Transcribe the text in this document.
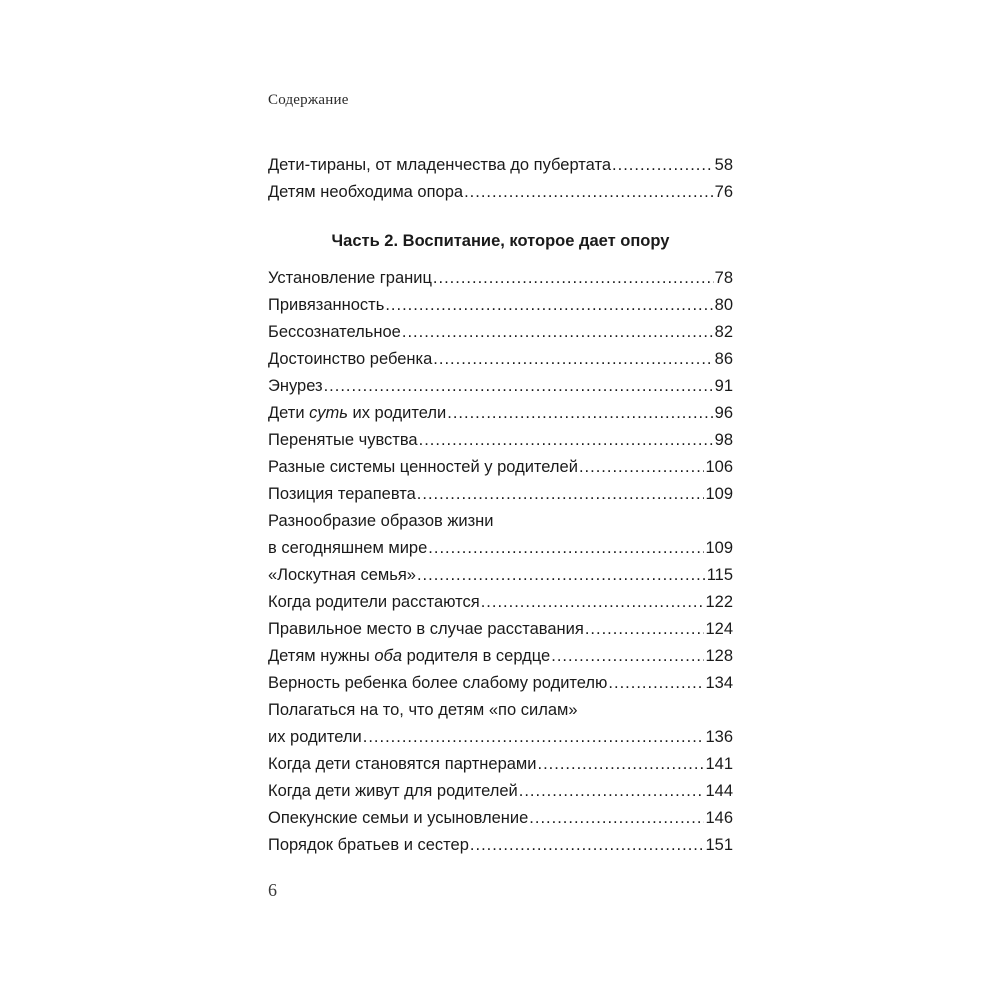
Содержание
Дети-тираны, от младенчества до пубертата .....	58
Детям необходима опора .....	76
Часть 2. Воспитание, которое дает опору
Установление границ .....	78
Привязанность .....	80
Бессознательное .....	82
Достоинство ребенка .....	86
Энурез .....	91
Дети суть их родители .....	96
Перенятые чувства .....	98
Разные системы ценностей у родителей .....	106
Позиция терапевта .....	109
Разнообразие образов жизни
в сегодняшнем мире .....	109
«Лоскутная семья» .....	115
Когда родители расстаются .....	122
Правильное место в случае расставания .....	124
Детям нужны оба родителя в сердце .....	128
Верность ребенка более слабому родителю .....	134
Полагаться на то, что детям «по силам»
их родители .....	136
Когда дети становятся партнерами .....	141
Когда дети живут для родителей .....	144
Опекунские семьи и усыновление .....	146
Порядок братьев и сестер .....	151
6
